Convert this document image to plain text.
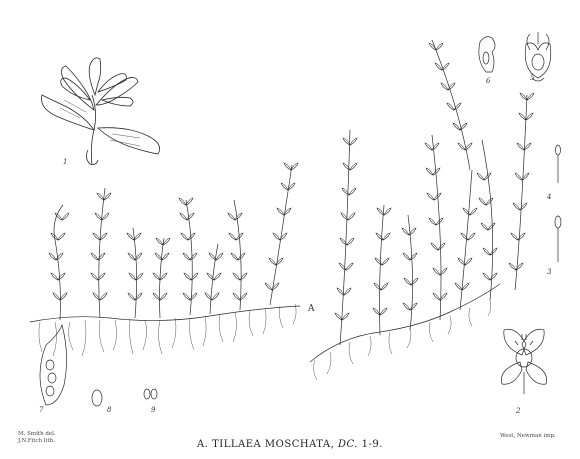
1
2
3
4
5
6
7	8	9
A
M. Smith del.
J.N.Fitch lith.
West, Newman imp.
A. TILLAEA MOSCHATA, DC. 1-9.
